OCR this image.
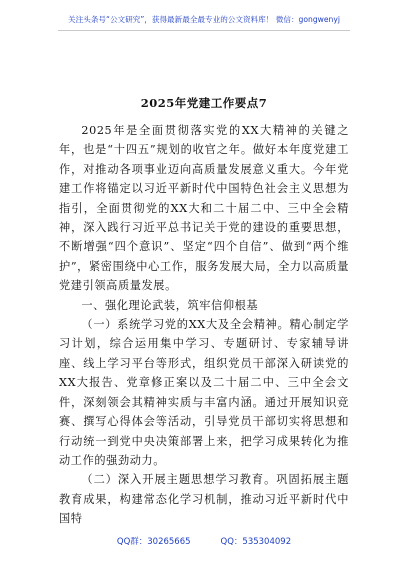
关注头条号“公文研究”，获得最新最全最专业的公文资料库！ 微信：gongwenyj
2025年党建工作要点7

2025年是全面贯彻落实党的XX大精神的关键之年，也是“十四五”规划的收官之年。做好本年度党建工作，对推动各项事业迈向高质量发展意义重大。今年党建工作将锚定以习近平新时代中国特色社会主义思想为指引，全面贯彻党的XX大和二十届二中、三中全会精神，深入践行习近平总书记关于党的建设的重要思想，不断增强“四个意识”、坚定“四个自信”、做到“两个维护”，紧密围绕中心工作，服务发展大局，全力以高质量党建引领高质量发展。

一、强化理论武装，筑牢信仰根基

（一）系统学习党的XX大及全会精神。精心制定学习计划，综合运用集中学习、专题研讨、专家辅导讲座、线上学习平台等形式，组织党员干部深入研读党的XX大报告、党章修正案以及二十届二中、三中全会文件，深刻领会其精神实质与丰富内涵。通过开展知识竞赛、撰写心得体会等活动，引导党员干部切实将思想和行动统一到党中央决策部署上来，把学习成果转化为推动工作的强劲动力。

（二）深入开展主题思想学习教育。巩固拓展主题教育成果，构建常态化学习机制，推动习近平新时代中国特

QQ群：30265665	QQ：535304092
